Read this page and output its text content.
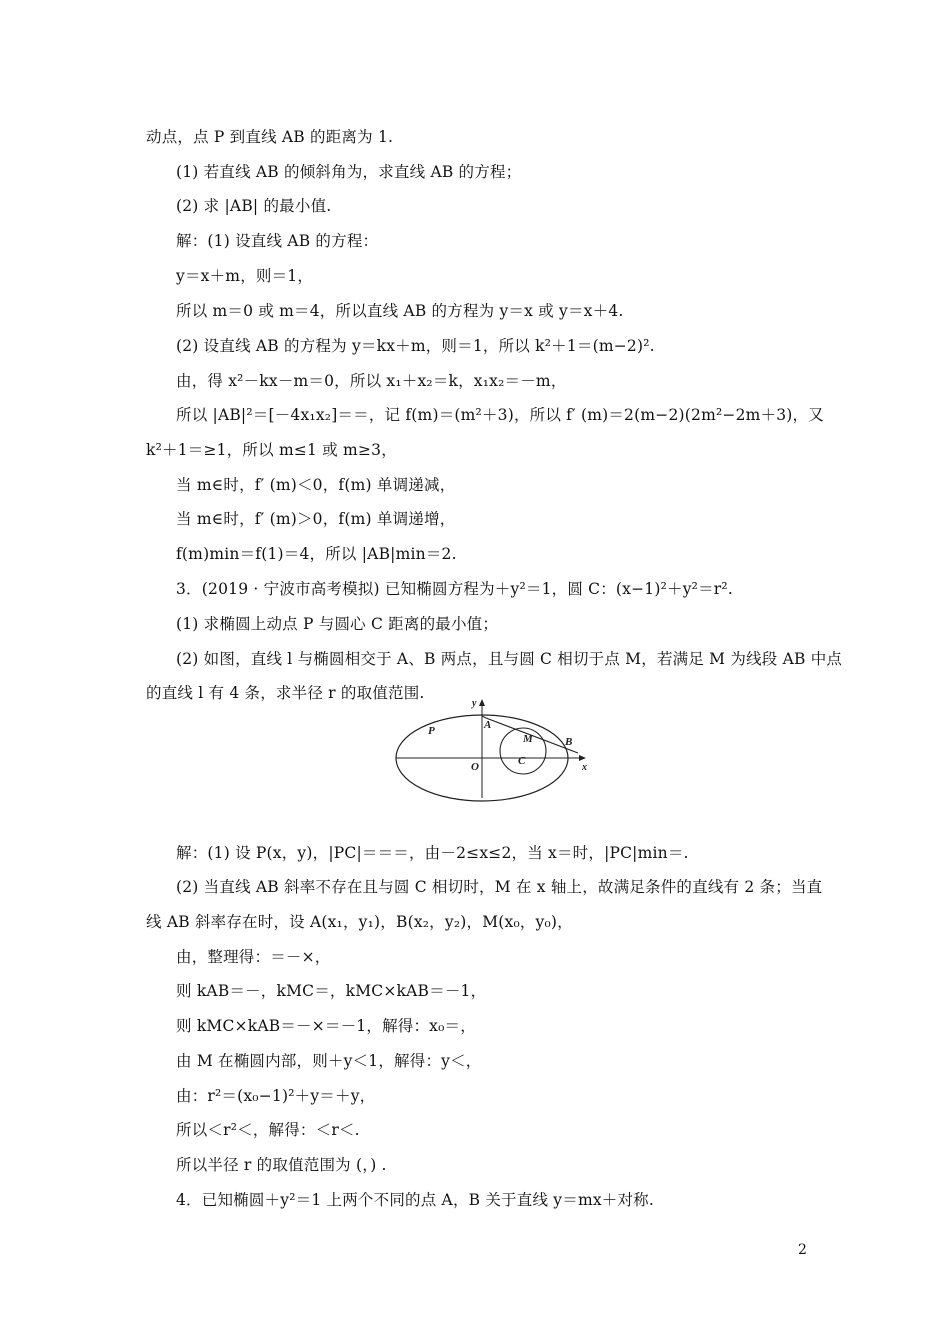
动点，点 P 到直线 AB 的距离为 1.
(1) 若直线 AB 的倾斜角为，求直线 AB 的方程；
(2) 求 |AB| 的最小值.
解：(1) 设直线 AB 的方程：
y＝x＋m，则＝1，
所以 m＝0 或 m＝4，所以直线 AB 的方程为 y＝x 或 y＝x＋4.
(2) 设直线 AB 的方程为 y＝kx＋m，则＝1，所以 k²＋1＝(m−2)².
由，得 x²－kx－m＝0，所以 x₁＋x₂＝k，x₁x₂＝－m，
所以 |AB|²＝[－4x₁x₂]＝＝，记 f(m)＝(m²＋3)，所以 f′ (m)＝2(m−2)(2m²−2m＋3)，又
k²＋1＝≥1，所以 m≤1 或 m≥3，
当 m∈时，f′ (m)＜0，f(m) 单调递减，
当 m∈时，f′ (m)＞0，f(m) 单调递增，
f(m)min＝f(1)＝4，所以 |AB|min＝2.
3．(2019 · 宁波市高考模拟) 已知椭圆方程为＋y²＝1，圆 C：(x−1)²＋y²＝r².
(1) 求椭圆上动点 P 与圆心 C 距离的最小值；
(2) 如图，直线 l 与椭圆相交于 A、B 两点，且与圆 C 相切于点 M，若满足 M 为线段 AB 中点
的直线 l 有 4 条，求半径 r 的取值范围.
解：(1) 设 P(x，y)，|PC|＝＝＝，由－2≤x≤2，当 x＝时，|PC|min＝.
(2) 当直线 AB 斜率不存在且与圆 C 相切时，M 在 x 轴上，故满足条件的直线有 2 条；当直
线 AB 斜率存在时，设 A(x₁，y₁)，B(x₂，y₂)，M(x₀，y₀)，
由，整理得：＝－×，
则 kAB＝－，kMC＝，kMC×kAB＝－1，
则 kMC×kAB＝－×＝－1，解得：x₀＝，
由 M 在椭圆内部，则＋y＜1，解得：y＜，
由：r²＝(x₀−1)²＋y＝＋y，
所以＜r²＜，解得：＜r＜.
所以半径 r 的取值范围为 (，) .
4．已知椭圆＋y²＝1 上两个不同的点 A，B 关于直线 y＝mx＋对称.
y
x
A
B
P
M
O	C
2
